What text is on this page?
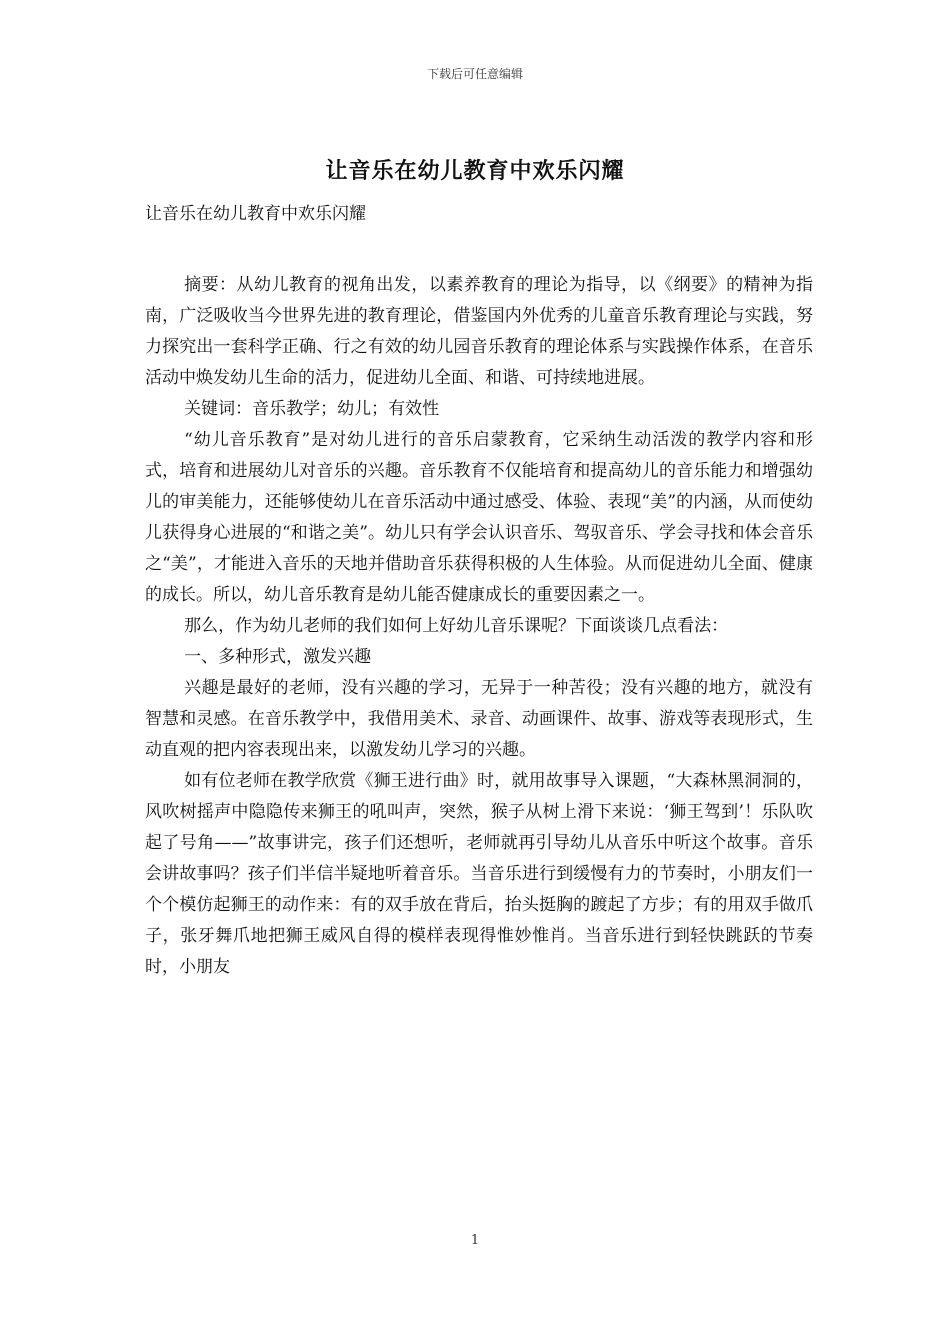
下载后可任意编辑
让音乐在幼儿教育中欢乐闪耀

让音乐在幼儿教育中欢乐闪耀

摘要：从幼儿教育的视角出发，以素养教育的理论为指导，以《纲要》的精神为指南，广泛吸收当今世界先进的教育理论，借鉴国内外优秀的儿童音乐教育理论与实践，努力探究出一套科学正确、行之有效的幼儿园音乐教育的理论体系与实践操作体系，在音乐活动中焕发幼儿生命的活力，促进幼儿全面、和谐、可持续地进展。

关键词：音乐教学；幼儿；有效性

“幼儿音乐教育”是对幼儿进行的音乐启蒙教育，它采纳生动活泼的教学内容和形式，培育和进展幼儿对音乐的兴趣。音乐教育不仅能培育和提高幼儿的音乐能力和增强幼儿的审美能力，还能够使幼儿在音乐活动中通过感受、体验、表现“美”的内涵，从而使幼儿获得身心进展的“和谐之美”。幼儿只有学会认识音乐、驾驭音乐、学会寻找和体会音乐之“美”，才能进入音乐的天地并借助音乐获得积极的人生体验。从而促进幼儿全面、健康的成长。所以，幼儿音乐教育是幼儿能否健康成长的重要因素之一。

那么，作为幼儿老师的我们如何上好幼儿音乐课呢？下面谈谈几点看法：

一、多种形式，激发兴趣

兴趣是最好的老师，没有兴趣的学习，无异于一种苦役；没有兴趣的地方，就没有智慧和灵感。在音乐教学中，我借用美术、录音、动画课件、故事、游戏等表现形式，生动直观的把内容表现出来，以激发幼儿学习的兴趣。

如有位老师在教学欣赏《狮王进行曲》时，就用故事导入课题，“大森林黑洞洞的，风吹树摇声中隐隐传来狮王的吼叫声，突然，猴子从树上滑下来说：‘狮王驾到’！乐队吹起了号角——”故事讲完，孩子们还想听，老师就再引导幼儿从音乐中听这个故事。音乐会讲故事吗？孩子们半信半疑地听着音乐。当音乐进行到缓慢有力的节奏时，小朋友们一个个模仿起狮王的动作来：有的双手放在背后，抬头挺胸的踱起了方步；有的用双手做爪子，张牙舞爪地把狮王威风自得的模样表现得惟妙惟肖。当音乐进行到轻快跳跃的节奏时，小朋友

1
